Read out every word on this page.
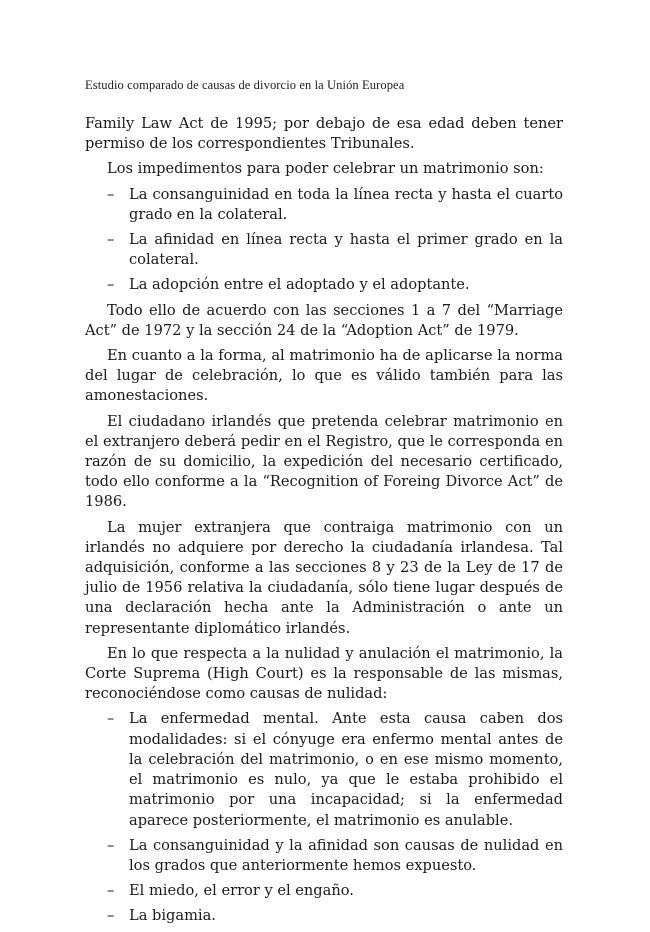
Estudio comparado de causas de divorcio en la Unión Europea

Family Law Act de 1995; por debajo de esa edad deben tener permiso de los correspondientes Tribunales.

Los impedimentos para poder celebrar un matrimonio son:

– La consanguinidad en toda la línea recta y hasta el cuarto grado en la colateral.
– La afinidad en línea recta y hasta el primer grado en la colateral.
– La adopción entre el adoptado y el adoptante.

Todo ello de acuerdo con las secciones 1 a 7 del “Marriage Act” de 1972 y la sección 24 de la “Adoption Act” de 1979.

En cuanto a la forma, al matrimonio ha de aplicarse la norma del lugar de celebración, lo que es válido también para las amonestaciones.

El ciudadano irlandés que pretenda celebrar matrimonio en el extranjero deberá pedir en el Registro, que le corresponda en razón de su domicilio, la expedición del necesario certificado, todo ello conforme a la “Recognition of Foreing Divorce Act” de 1986.

La mujer extranjera que contraiga matrimonio con un irlandés no adquiere por derecho la ciudadanía irlandesa. Tal adquisición, conforme a las secciones 8 y 23 de la Ley de 17 de julio de 1956 relativa la ciudadanía, sólo tiene lugar después de una declaración hecha ante la Administración o ante un representante diplomático irlandés.

En lo que respecta a la nulidad y anulación el matrimonio, la Corte Suprema (High Court) es la responsable de las mismas, reconociéndose como causas de nulidad:

– La enfermedad mental. Ante esta causa caben dos modalidades: si el cónyuge era enfermo mental antes de la celebración del matrimonio, o en ese mismo momento, el matrimonio es nulo, ya que le estaba prohibido el matrimonio por una incapacidad; si la enfermedad aparece posteriormente, el matrimonio es anulable.
– La consanguinidad y la afinidad son causas de nulidad en los grados que anteriormente hemos expuesto.
– El miedo, el error y el engaño.
– La bigamia.
